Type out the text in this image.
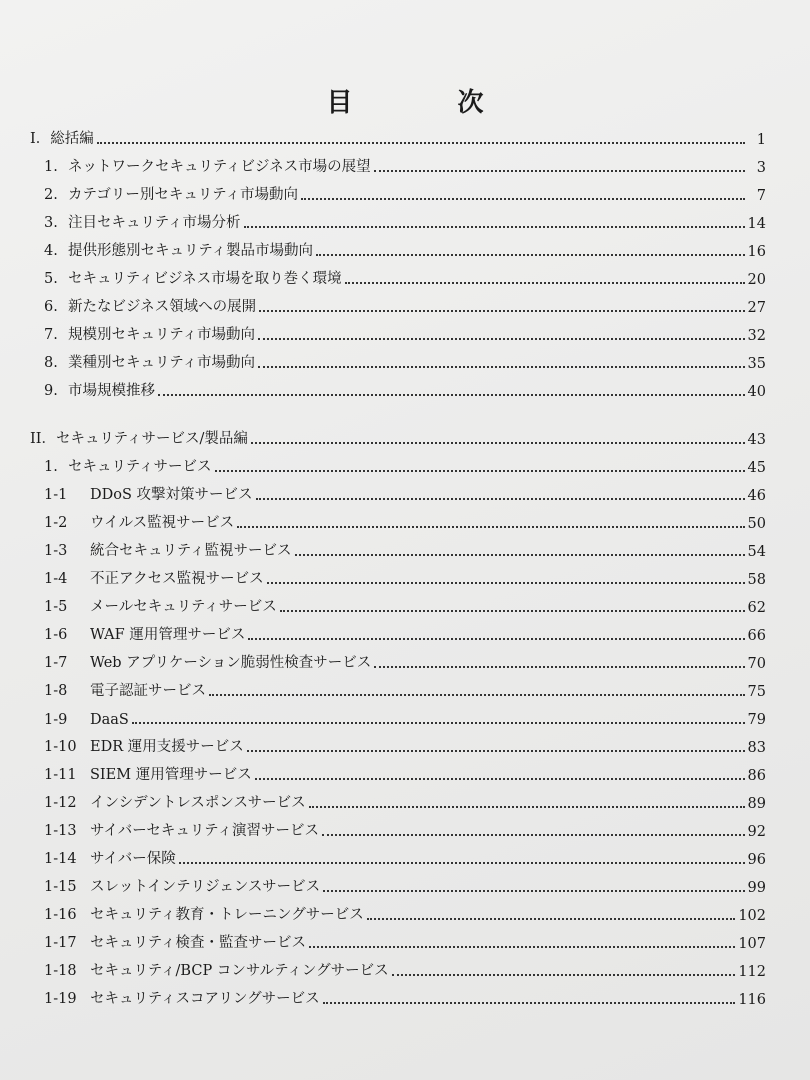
目	次
I．総括編	1
1. ネットワークセキュリティビジネス市場の展望	3
2. カテゴリー別セキュリティ市場動向	7
3. 注目セキュリティ市場分析	14
4. 提供形態別セキュリティ製品市場動向	16
5. セキュリティビジネス市場を取り巻く環境	20
6. 新たなビジネス領域への展開	27
7. 規模別セキュリティ市場動向	32
8. 業種別セキュリティ市場動向	35
9. 市場規模推移	40
II．セキュリティサービス/製品編	43
1. セキュリティサービス	45
1-1 DDoS 攻撃対策サービス	46
1-2 ウイルス監視サービス	50
1-3 統合セキュリティ監視サービス	54
1-4 不正アクセス監視サービス	58
1-5 メールセキュリティサービス	62
1-6 WAF 運用管理サービス	66
1-7 Web アプリケーション脆弱性検査サービス	70
1-8 電子認証サービス	75
1-9 DaaS	79
1-10 EDR 運用支援サービス	83
1-11 SIEM 運用管理サービス	86
1-12 インシデントレスポンスサービス	89
1-13 サイバーセキュリティ演習サービス	92
1-14 サイバー保険	96
1-15 スレットインテリジェンスサービス	99
1-16 セキュリティ教育・トレーニングサービス	102
1-17 セキュリティ検査・監査サービス	107
1-18 セキュリティ/BCP コンサルティングサービス	112
1-19 セキュリティスコアリングサービス	116
